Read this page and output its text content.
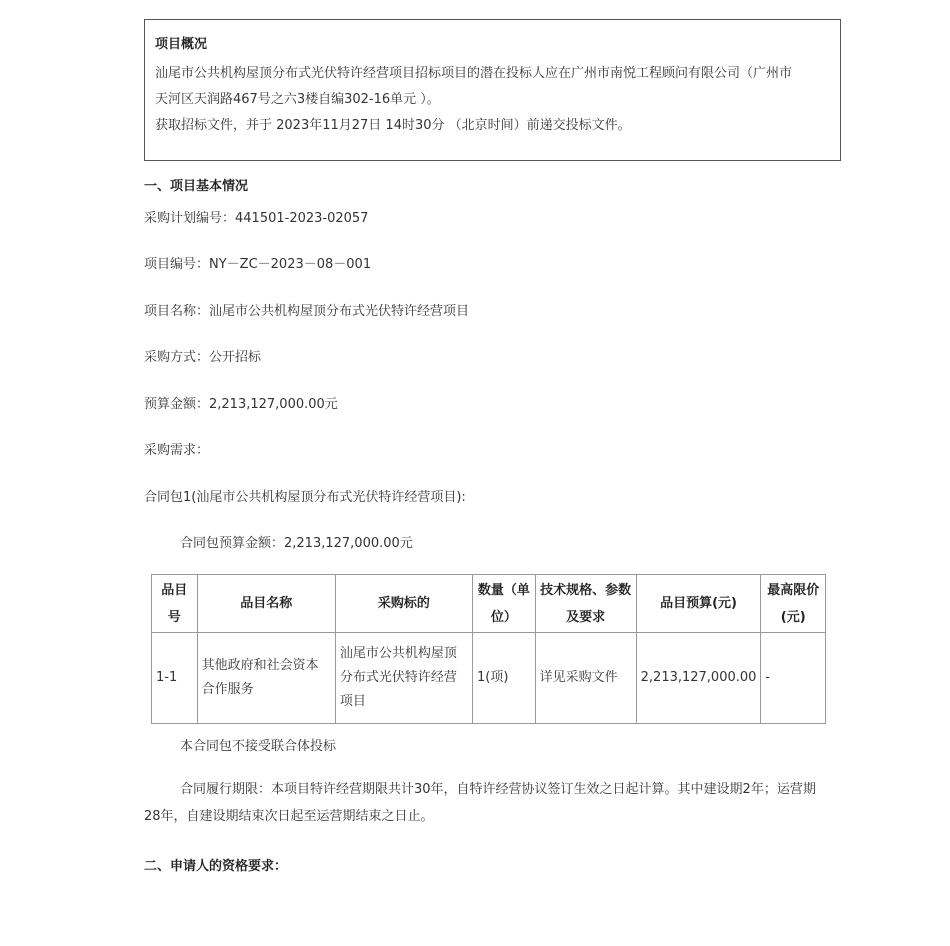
项目概况
汕尾市公共机构屋顶分布式光伏特许经营项目招标项目的潜在投标人应在广州市南悦工程顾问有限公司（广州市
天河区天润路467号之六3楼自编302-16单元 ）。
获取招标文件，并于 2023年11月27日 14时30分 （北京时间）前递交投标文件。
一、项目基本情况
采购计划编号：441501-2023-02057
项目编号：NY－ZC－2023－08－001
项目名称：汕尾市公共机构屋顶分布式光伏特许经营项目
采购方式：公开招标
预算金额：2,213,127,000.00元
采购需求：
合同包1(汕尾市公共机构屋顶分布式光伏特许经营项目):
合同包预算金额：2,213,127,000.00元
品目号	品目名称	采购标的	数量（单位）	技术规格、参数及要求	品目预算(元)	最高限价(元)
1-1	其他政府和社会资本合作服务	汕尾市公共机构屋顶分布式光伏特许经营项目	1(项)	详见采购文件	2,213,127,000.00	-
本合同包不接受联合体投标
合同履行期限：本项目特许经营期限共计30年，自特许经营协议签订生效之日起计算。其中建设期2年；运营期28年，自建设期结束次日起至运营期结束之日止。
二、申请人的资格要求：
